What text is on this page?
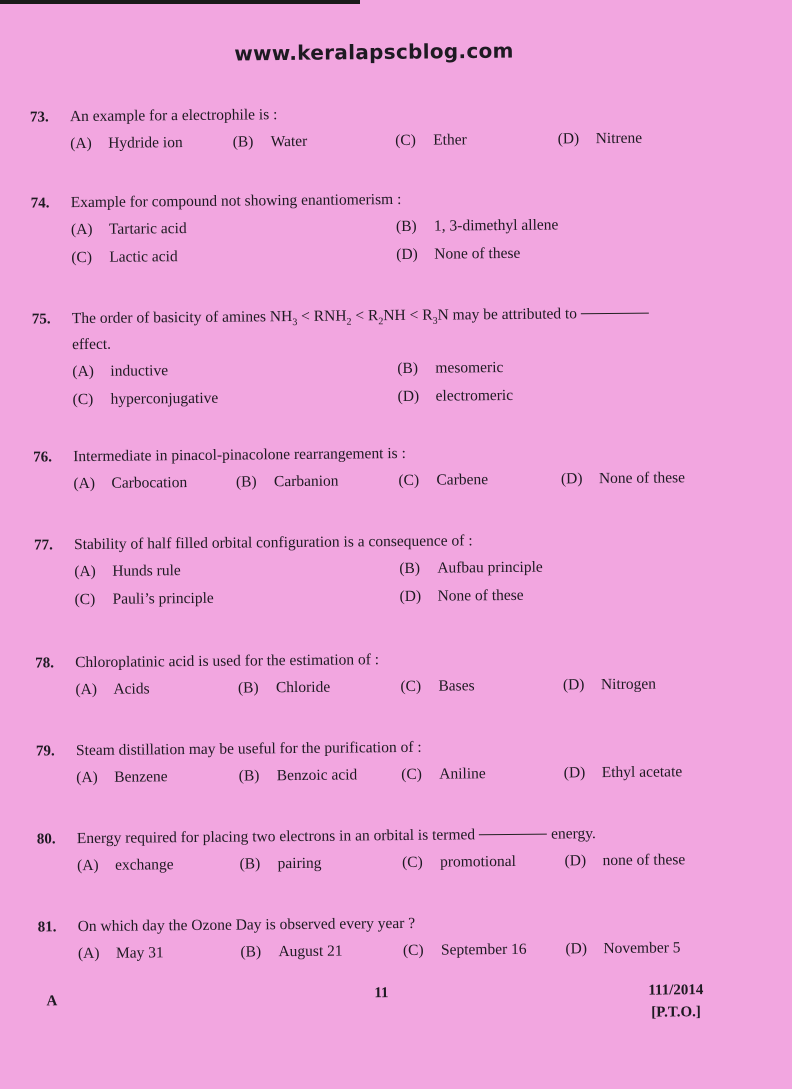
www.keralapscblog.com
73.	An example for a electrophile is :
(A)	Hydride ion	(B)	Water	(C)	Ether	(D)	Nitrene
74.	Example for compound not showing enantiomerism :
(A)	Tartaric acid	(B)	1, 3-dimethyl allene
(C)	Lactic acid	(D)	None of these
75.	The order of basicity of amines $NH_3 < RNH_2 < R_2NH < R_3N$ may be attributed to
effect.
(A)	inductive	(B)	mesomeric
(C)	hyperconjugative	(D)	electromeric
76.	Intermediate in pinacol-pinacolone rearrangement is :
(A)	Carbocation	(B)	Carbanion	(C)	Carbene	(D)	None of these
77.	Stability of half filled orbital configuration is a consequence of :
(A)	Hunds rule	(B)	Aufbau principle
(C)	Pauli’s principle	(D)	None of these
78.	Chloroplatinic acid is used for the estimation of :
(A)	Acids	(B)	Chloride	(C)	Bases	(D)	Nitrogen
79.	Steam distillation may be useful for the purification of :
(A)	Benzene	(B)	Benzoic acid	(C)	Aniline	(D)	Ethyl acetate
80.	Energy required for placing two electrons in an orbital is termed	energy.
(A)	exchange	(B)	pairing	(C)	promotional	(D)	none of these
81.	On which day the Ozone Day is observed every year ?
(A)	May 31	(B)	August 21	(C)	September 16 (D)	November 5
A
11	111/2014
[P.T.O.]
